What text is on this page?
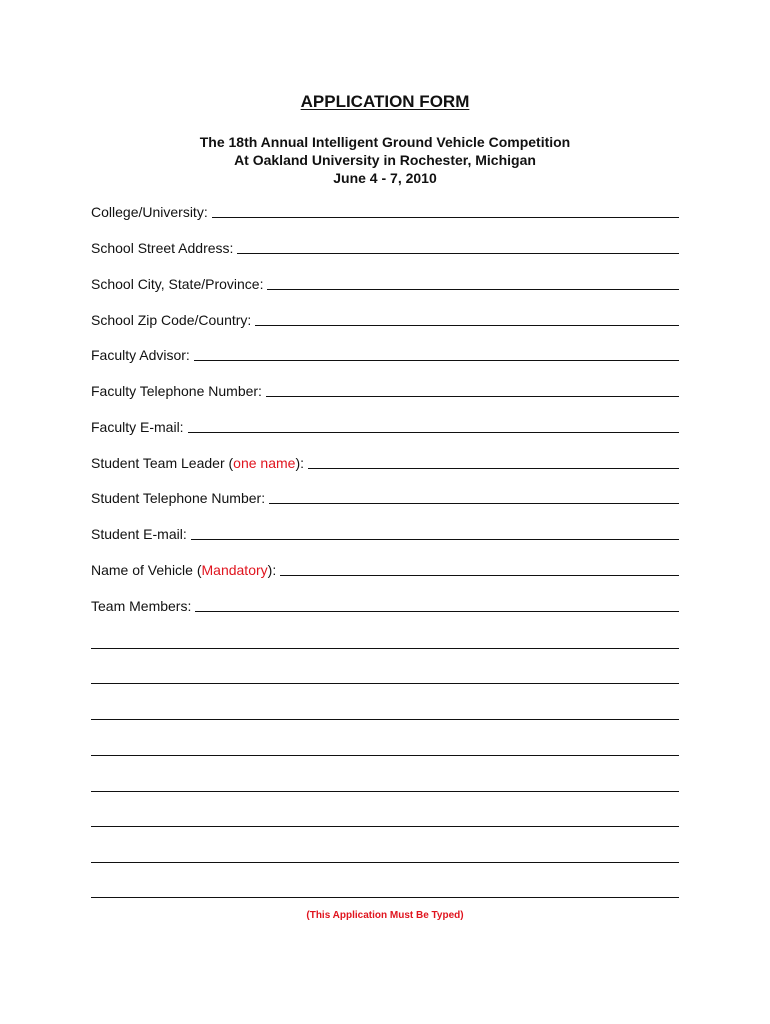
APPLICATION FORM
The 18th Annual Intelligent Ground Vehicle Competition
At Oakland University in Rochester, Michigan
June 4 - 7, 2010
College/University:
School Street Address:
School City, State/Province:
School Zip Code/Country:
Faculty Advisor:
Faculty Telephone Number:
Faculty E-mail:
Student Team Leader (one name):
Student Telephone Number:
Student E-mail:
Name of Vehicle (Mandatory):
Team Members:
(This Application Must Be Typed)
